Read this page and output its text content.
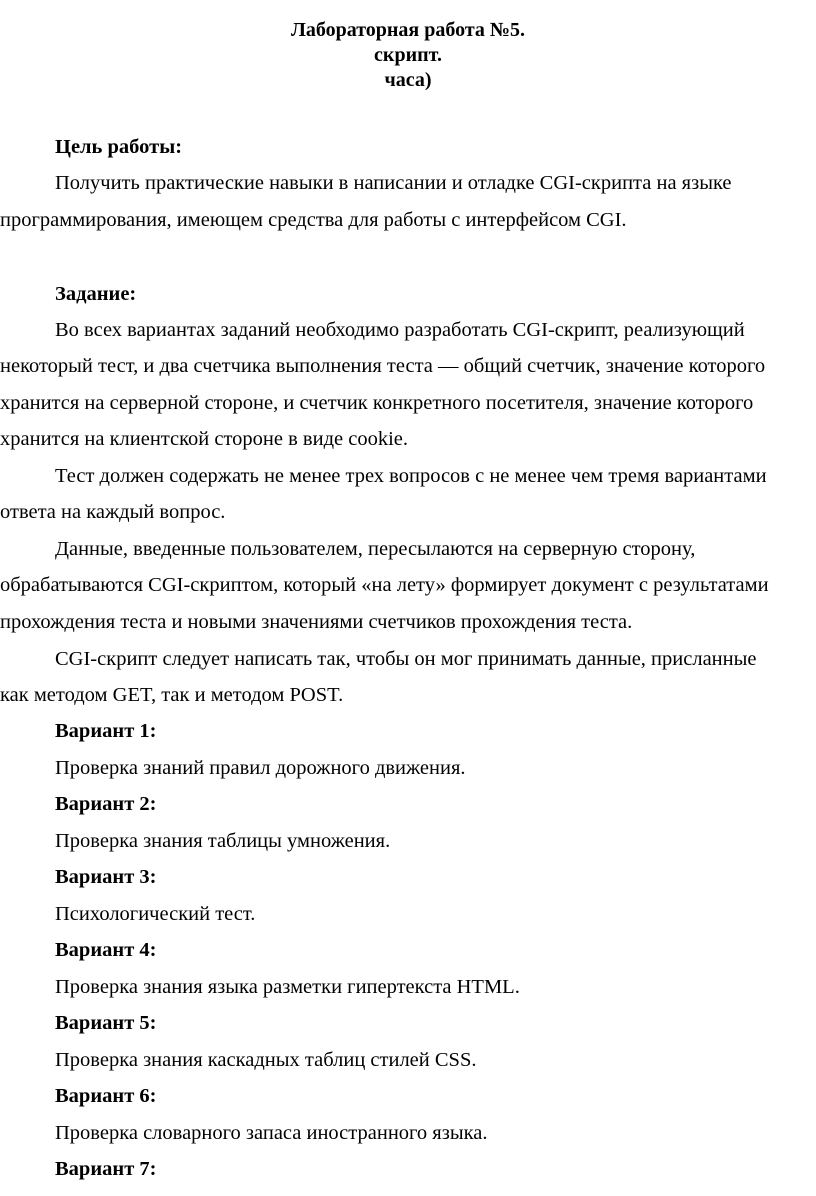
Лабораторная работа №5.
скрипт.
часа)
Цель работы:
Получить практические навыки в написании и отладке CGI-скрипта на языке
программирования, имеющем средства для работы с интерфейсом CGI.
Задание:
Во всех вариантах заданий необходимо разработать CGI-скрипт, реализующий
некоторый тест, и два счетчика выполнения теста — общий счетчик, значение которого
хранится на серверной стороне, и счетчик конкретного посетителя, значение которого
хранится на клиентской стороне в виде cookie.
Тест должен содержать не менее трех вопросов с не менее чем тремя вариантами
ответа на каждый вопрос.
Данные, введенные пользователем, пересылаются на серверную сторону,
обрабатываются CGI-скриптом, который «на лету» формирует документ с результатами
прохождения теста и новыми значениями счетчиков прохождения теста.
CGI-скрипт следует написать так, чтобы он мог принимать данные, присланные
как методом GET, так и методом POST.
Вариант 1:
Проверка знаний правил дорожного движения.
Вариант 2:
Проверка знания таблицы умножения.
Вариант 3:
Психологический тест.
Вариант 4:
Проверка знания языка разметки гипертекста HTML.
Вариант 5:
Проверка знания каскадных таблиц стилей CSS.
Вариант 6:
Проверка словарного запаса иностранного языка.
Вариант 7:
